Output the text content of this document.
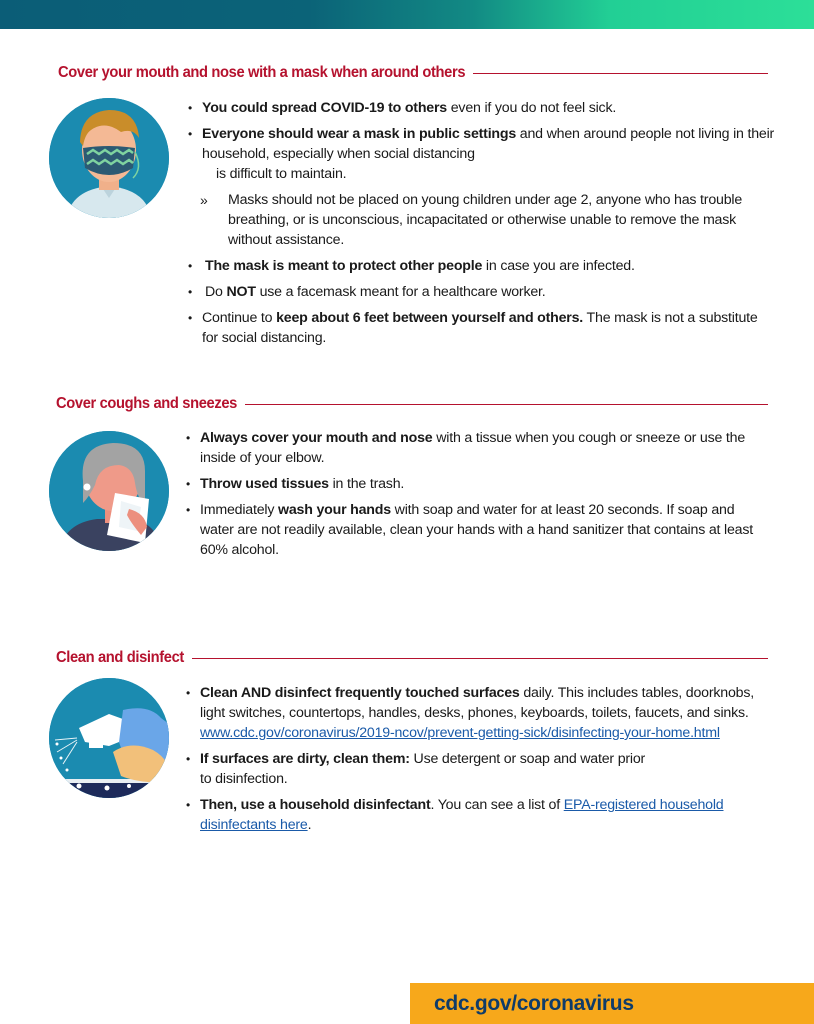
Cover your mouth and nose with a mask when around others
• You could spread COVID-19 to others even if you do not feel sick.
• Everyone should wear a mask in public settings and when around people not living in their household, especially when social distancing
is difficult to maintain.
» Masks should not be placed on young children under age 2, anyone who has trouble breathing, or is unconscious, incapacitated or otherwise unable to remove the mask without assistance.
• The mask is meant to protect other people in case you are infected.
• Do NOT use a facemask meant for a healthcare worker.
• Continue to keep about 6 feet between yourself and others. The mask is not a substitute for social distancing.
Cover coughs and sneezes
• Always cover your mouth and nose with a tissue when you cough or sneeze or use the inside of your elbow.
• Throw used tissues in the trash.
• Immediately wash your hands with soap and water for at least 20 seconds. If soap and water are not readily available, clean your hands with a hand sanitizer that contains at least 60% alcohol.
Clean and disinfect
• Clean AND disinfect frequently touched surfaces daily. This includes tables, doorknobs, light switches, countertops, handles, desks, phones, keyboards, toilets, faucets, and sinks. www.cdc.gov/coronavirus/2019-ncov/prevent-getting-sick/disinfecting-your-home.html
• If surfaces are dirty, clean them: Use detergent or soap and water prior
to disinfection.
• Then, use a household disinfectant. You can see a list of EPA-registered household disinfectants here.
cdc.gov/coronavirus
